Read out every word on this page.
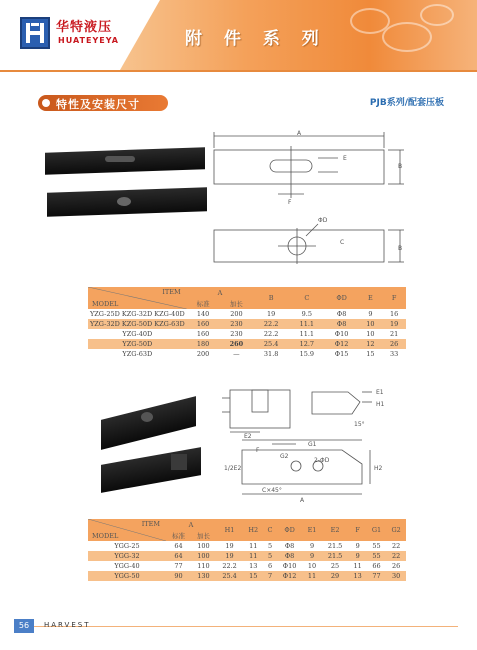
华特液压
HUATEYEYA	附 件 系 列
特性及安装尺寸	PJB系列/配套压板
A
E
B
F
ΦD
C
B
ITEM
MODEL	A		B	C	ΦD	E	F
	标准	加长					
YZG-25D KZG-32D KZG-40D	140	200	19	9.5	Φ8	9	16
YZG-32D KZG-50D KZG-63D	160	230	22.2	11.1	Φ8	10	19
YZG-40D	160	230	22.2	11.1	Φ10	10	21
YZG-50D	180	260	25.4	12.7	Φ12	12	26
YZG-63D	200	—	31.8	15.9	Φ15	15	33
E1
E2
H1
15°
F
G1
G2
2-ΦD
1/2E2	H2
C×45°
A
ITEM
MODEL	A		H1	H2	C	ΦD	E1	E2	F	G1	G2
	标准	加长									
YGG-25	64	100	19	11	5	Φ8	9	21.5	9	55	22
YGG-32	64	100	19	11	5	Φ8	9	21.5	9	55	22
YGG-40	77	110	22.2	13	6	Φ10	10	25	11	66	26
YGG-50	90	130	25.4	15	7	Φ12	11	29	13	77	30
56	HARVEST
